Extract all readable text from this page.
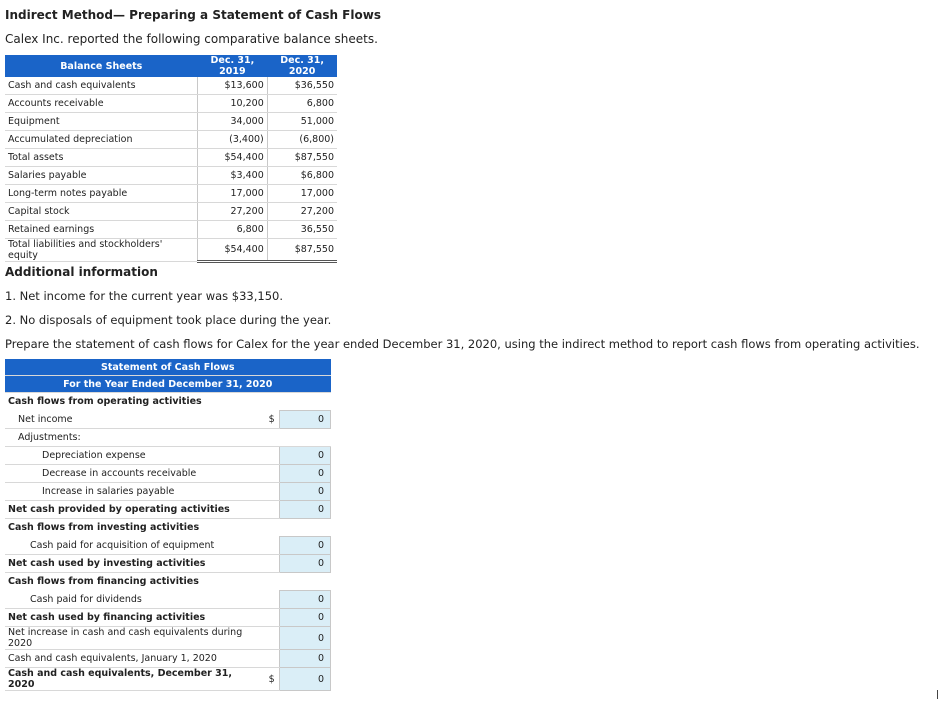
Indirect Method— Preparing a Statement of Cash Flows
Calex Inc. reported the following comparative balance sheets.
Balance Sheets	Dec. 31, 2019	Dec. 31, 2020
Cash and cash equivalents	$13,600	$36,550
Accounts receivable	10,200	6,800
Equipment	34,000	51,000
Accumulated depreciation	(3,400)	(6,800)
Total assets	$54,400	$87,550
Salaries payable	$3,400	$6,800
Long-term notes payable	17,000	17,000
Capital stock	27,200	27,200
Retained earnings	6,800	36,550
Total liabilities and stockholders' equity	$54,400	$87,550
Additional information
1. Net income for the current year was $33,150.
2. No disposals of equipment took place during the year.
Prepare the statement of cash flows for Calex for the year ended December 31, 2020, using the indirect method to report cash flows from operating activities.
Statement of Cash Flows		
For the Year Ended December 31, 2020		
Cash flows from operating activities		
Net income	$	0
Adjustments:		
Depreciation expense		0
Decrease in accounts receivable		0
Increase in salaries payable		0
Net cash provided by operating activities		0
Cash flows from investing activities		
Cash paid for acquisition of equipment		0
Net cash used by investing activities		0
Cash flows from financing activities		
Cash paid for dividends		0
Net cash used by financing activities		0
Net increase in cash and cash equivalents during 2020		0
Cash and cash equivalents, January 1, 2020		0
Cash and cash equivalents, December 31, 2020	$	0
